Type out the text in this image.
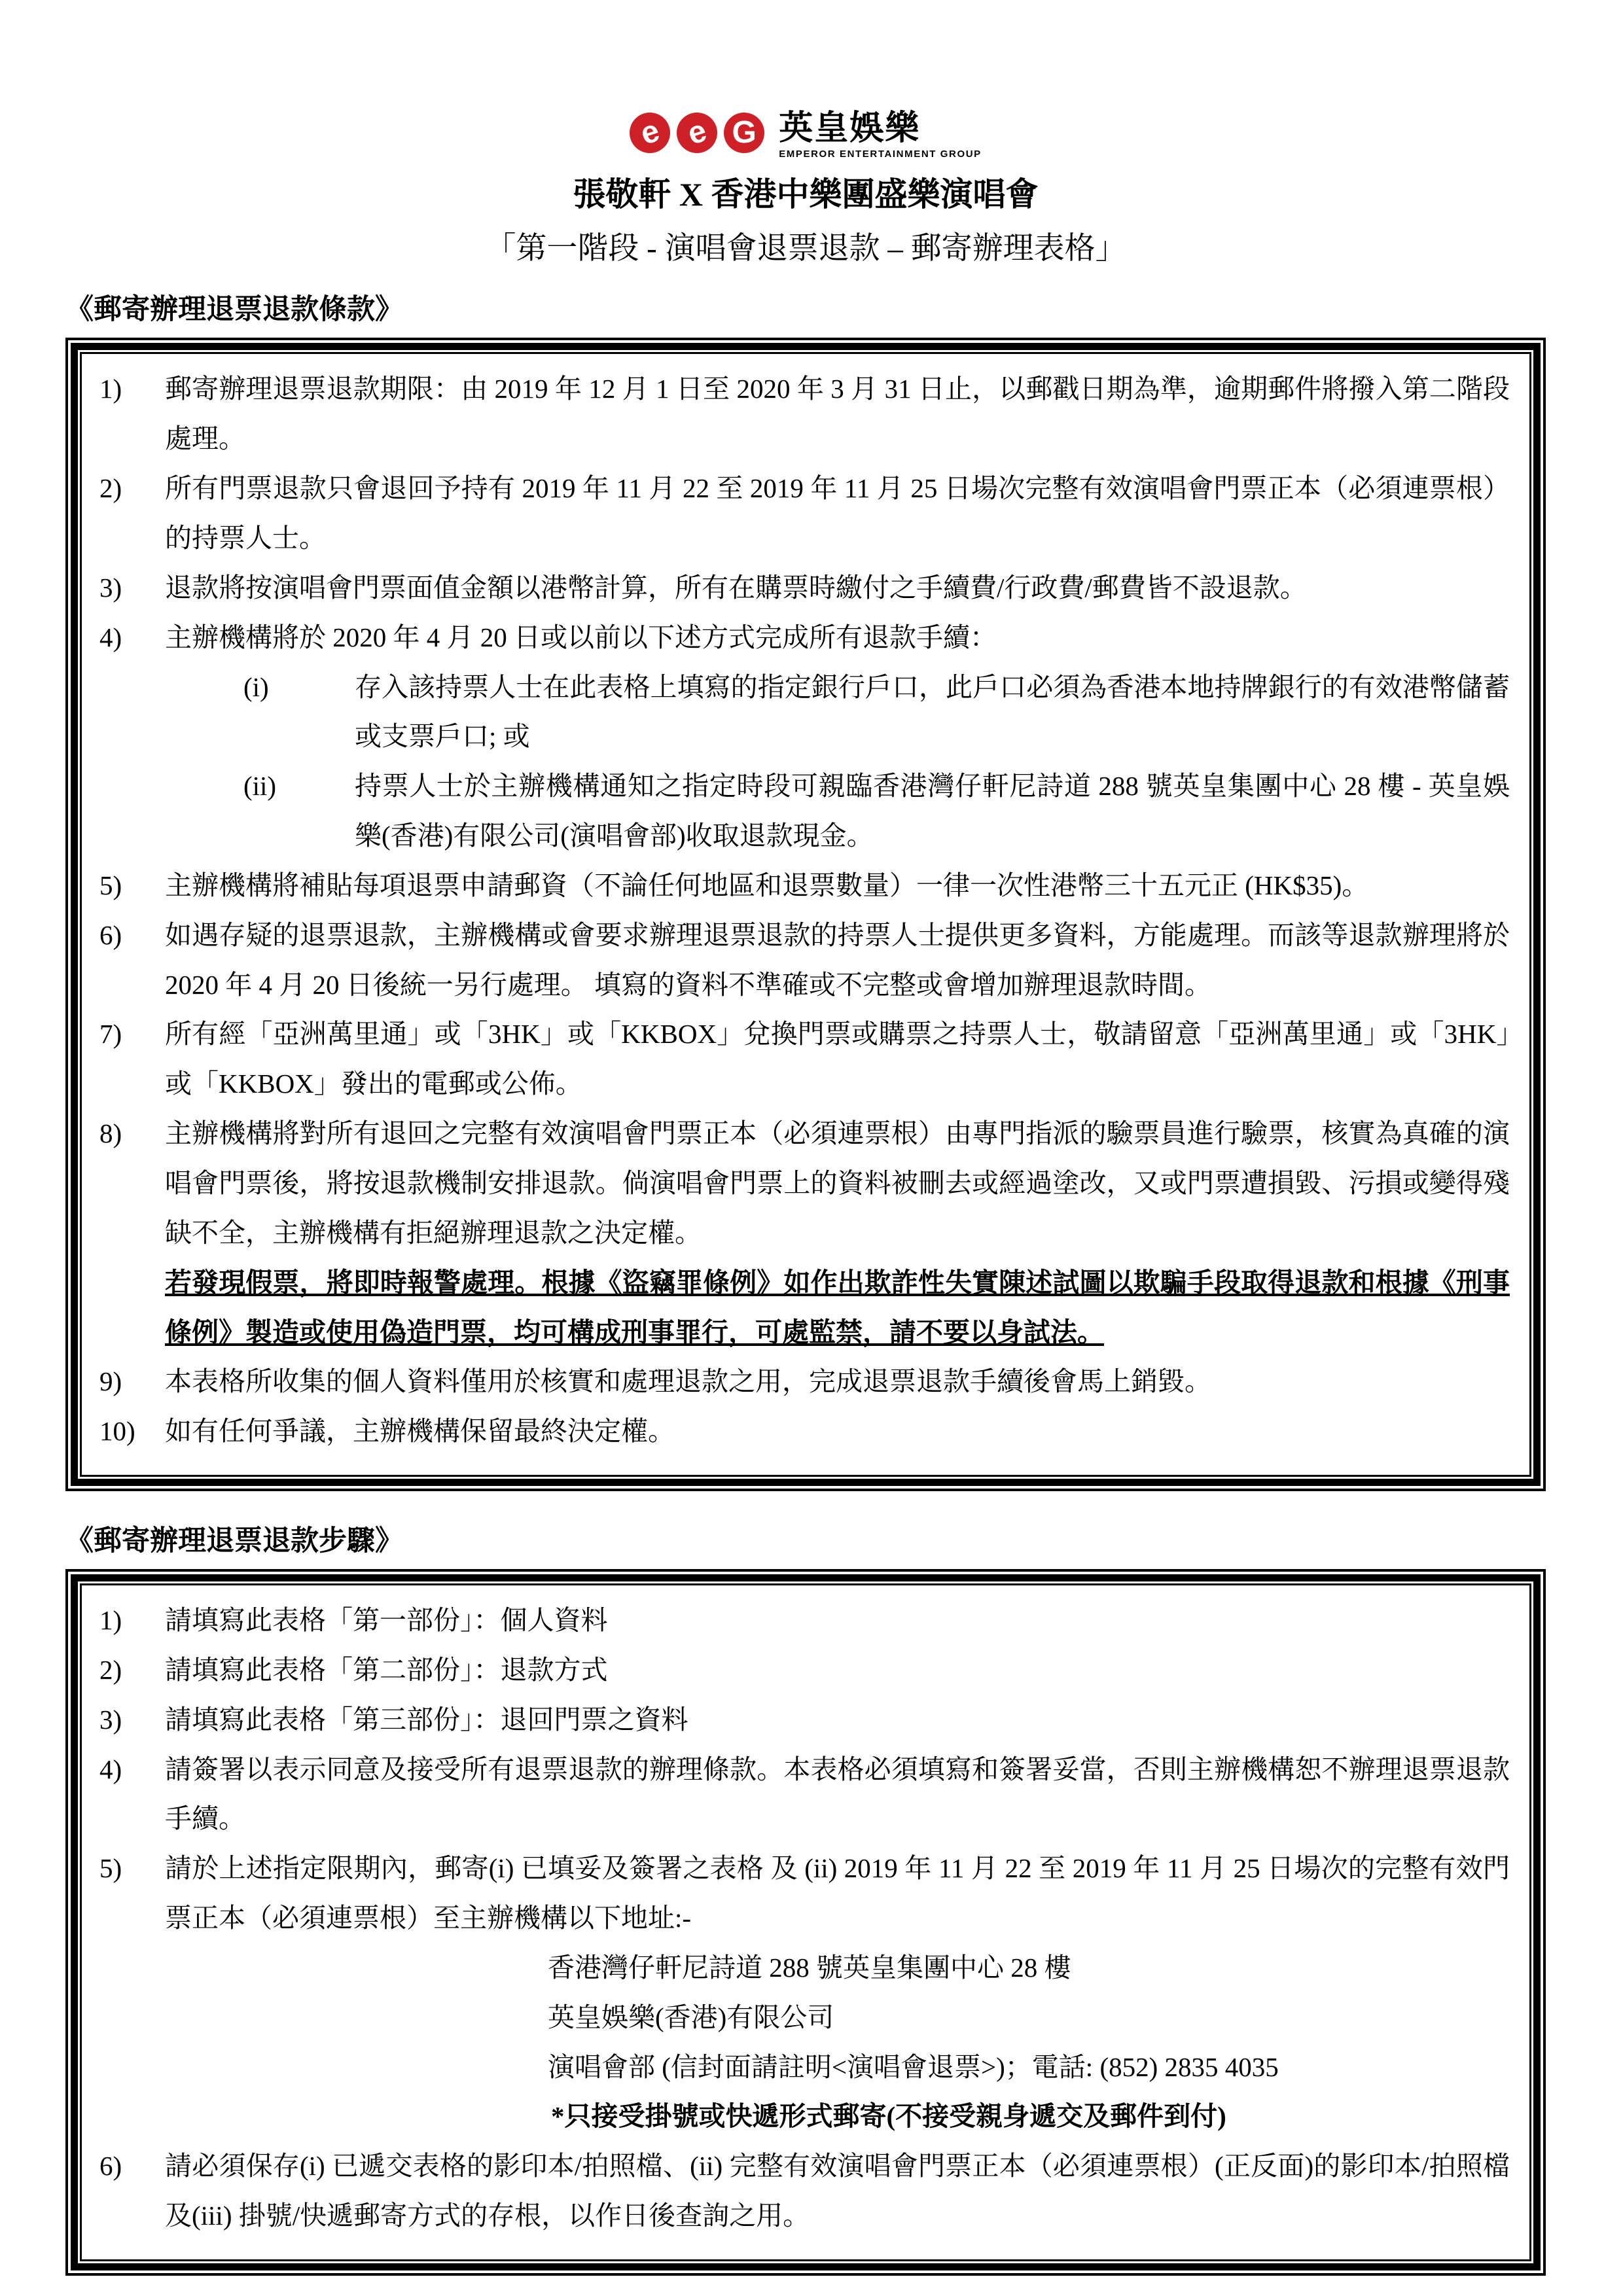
e e G 英皇娛樂
EMPEROR ENTERTAINMENT GROUP
張敬軒 X 香港中樂團盛樂演唱會
「第一階段 - 演唱會退票退款 – 郵寄辦理表格」
《郵寄辦理退票退款條款》
1)	郵寄辦理退票退款期限：由 2019 年 12 月 1 日至 2020 年 3 月 31 日止，以郵戳日期為準，逾期郵件將撥入第二階段處理。
2)	所有門票退款只會退回予持有 2019 年 11 月 22 至 2019 年 11 月 25 日場次完整有效演唱會門票正本（必須連票根）的持票人士。
3)	退款將按演唱會門票面值金額以港幣計算，所有在購票時繳付之手續費/行政費/郵費皆不設退款。
4)	主辦機構將於 2020 年 4 月 20 日或以前以下述方式完成所有退款手續：
(i)	存入該持票人士在此表格上填寫的指定銀行戶口，此戶口必須為香港本地持牌銀行的有效港幣儲蓄或支票戶口; 或
(ii)	持票人士於主辦機構通知之指定時段可親臨香港灣仔軒尼詩道 288 號英皇集團中心 28 樓 - 英皇娛樂(香港)有限公司(演唱會部)收取退款現金。
5)	主辦機構將補貼每項退票申請郵資（不論任何地區和退票數量）一律一次性港幣三十五元正 (HK$35)。
6)	如遇存疑的退票退款，主辦機構或會要求辦理退票退款的持票人士提供更多資料，方能處理。而該等退款辦理將於 2020 年 4 月 20 日後統一另行處理。 填寫的資料不準確或不完整或會增加辦理退款時間。
7)	所有經「亞洲萬里通」或「3HK」或「KKBOX」兌換門票或購票之持票人士，敬請留意「亞洲萬里通」或「3HK」或「KKBOX」發出的電郵或公佈。
8)	主辦機構將對所有退回之完整有效演唱會門票正本（必須連票根）由專門指派的驗票員進行驗票，核實為真確的演唱會門票後，將按退款機制安排退款。倘演唱會門票上的資料被刪去或經過塗改，又或門票遭損毀、污損或變得殘缺不全，主辦機構有拒絕辦理退款之決定權。
若發現假票，將即時報警處理。根據《盜竊罪條例》如作出欺詐性失實陳述試圖以欺騙手段取得退款和根據《刑事條例》製造或使用偽造門票，均可構成刑事罪行，可處監禁，請不要以身試法。
9)	本表格所收集的個人資料僅用於核實和處理退款之用，完成退票退款手續後會馬上銷毀。
10)	如有任何爭議，主辦機構保留最終決定權。
《郵寄辦理退票退款步驟》
1)	請填寫此表格「第一部份」：個人資料
2)	請填寫此表格「第二部份」：退款方式
3)	請填寫此表格「第三部份」：退回門票之資料
4)	請簽署以表示同意及接受所有退票退款的辦理條款。本表格必須填寫和簽署妥當，否則主辦機構恕不辦理退票退款手續。
5)	請於上述指定限期內，郵寄(i) 已填妥及簽署之表格 及 (ii) 2019 年 11 月 22 至 2019 年 11 月 25 日場次的完整有效門票正本（必須連票根）至主辦機構以下地址:-
香港灣仔軒尼詩道 288 號英皇集團中心 28 樓
英皇娛樂(香港)有限公司
演唱會部 (信封面請註明<演唱會退票>)；電話: (852) 2835 4035
*只接受掛號或快遞形式郵寄(不接受親身遞交及郵件到付)
6)	請必須保存(i) 已遞交表格的影印本/拍照檔、(ii) 完整有效演唱會門票正本（必須連票根）(正反面)的影印本/拍照檔及(iii) 掛號/快遞郵寄方式的存根，以作日後查詢之用。
